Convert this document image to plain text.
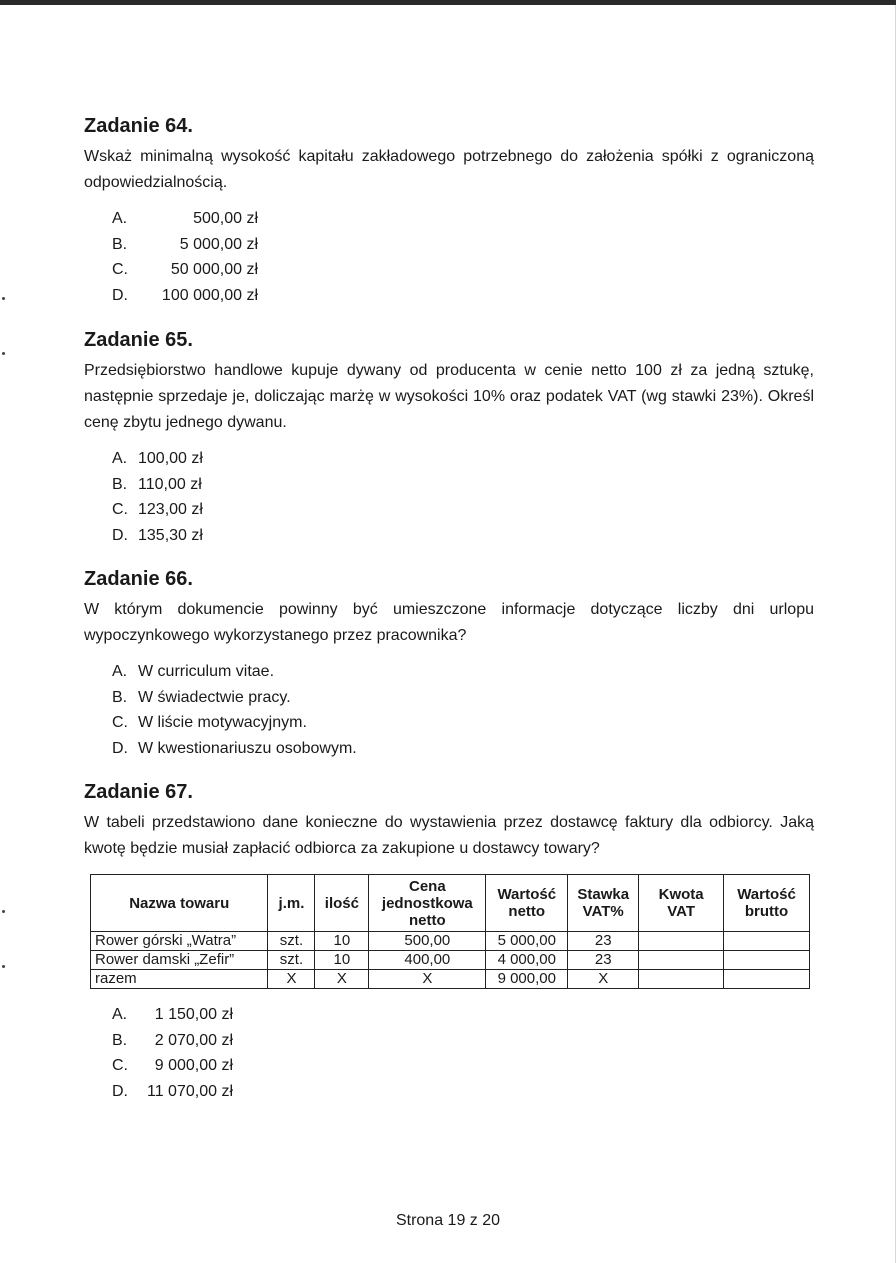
Zadanie 64.

Wskaż minimalną wysokość kapitału zakładowego potrzebnego do założenia spółki z ograniczoną odpowiedzialnością.

A.	500,00 zł
B.	5 000,00 zł
C.	50 000,00 zł
D.	100 000,00 zł
Zadanie 65.

Przedsiębiorstwo handlowe kupuje dywany od producenta w cenie netto 100 zł za jedną sztukę, następnie sprzedaje je, doliczając marżę w wysokości 10% oraz podatek VAT (wg stawki 23%). Określ cenę zbytu jednego dywanu.

A. 100,00 zł
B. 110,00 zł
C. 123,00 zł
D. 135,30 zł
Zadanie 66.

W którym dokumencie powinny być umieszczone informacje dotyczące liczby dni urlopu wypoczynkowego wykorzystanego przez pracownika?

A. W curriculum vitae.
B. W świadectwie pracy.
C. W liście motywacyjnym.
D. W kwestionariuszu osobowym.
Zadanie 67.

W tabeli przedstawiono dane konieczne do wystawienia przez dostawcę faktury dla odbiorcy. Jaką kwotę będzie musiał zapłacić odbiorca za zakupione u dostawcy towary?

Nazwa towaru	j.m.	ilość	Cena jednostkowa netto	Wartość netto	Stawka VAT%	Kwota VAT	Wartość brutto
Rower górski „Watra”	szt.	10	500,00	5 000,00	23		
Rower damski „Zefir”	szt.	10	400,00	4 000,00	23		
razem	X	X	X	9 000,00	X		
A.	1 150,00 zł
B.	2 070,00 zł
C.	9 000,00 zł
D.	11 070,00 zł
Strona 19 z 20
